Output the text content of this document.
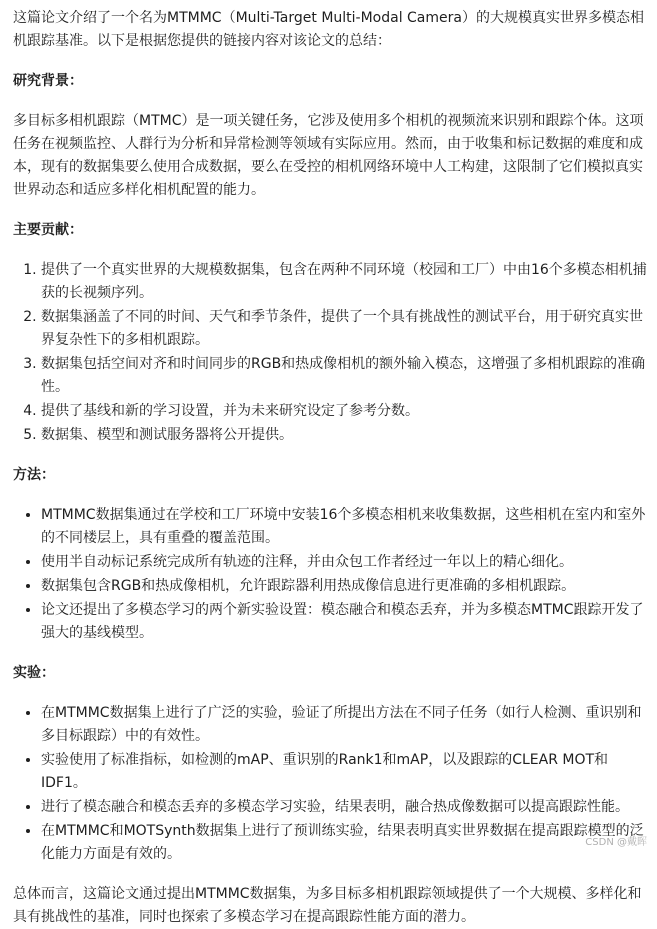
这篇论文介绍了一个名为MTMMC（Multi-Target Multi-Modal Camera）的大规模真实世界多模态相机跟踪基准。以下是根据您提供的链接内容对该论文的总结：

研究背景：

多目标多相机跟踪（MTMC）是一项关键任务，它涉及使用多个相机的视频流来识别和跟踪个体。这项任务在视频监控、人群行为分析和异常检测等领域有实际应用。然而，由于收集和标记数据的难度和成本，现有的数据集要么使用合成数据，要么在受控的相机网络环境中人工构建，这限制了它们模拟真实世界动态和适应多样化相机配置的能力。

主要贡献：

1. 提供了一个真实世界的大规模数据集，包含在两种不同环境（校园和工厂）中由16个多模态相机捕获的长视频序列。
2. 数据集涵盖了不同的时间、天气和季节条件，提供了一个具有挑战性的测试平台，用于研究真实世界复杂性下的多相机跟踪。
3. 数据集包括空间对齐和时间同步的RGB和热成像相机的额外输入模态，这增强了多相机跟踪的准确性。
4. 提供了基线和新的学习设置，并为未来研究设定了参考分数。
5. 数据集、模型和测试服务器将公开提供。

方法：

• MTMMC数据集通过在学校和工厂环境中安装16个多模态相机来收集数据，这些相机在室内和室外的不同楼层上，具有重叠的覆盖范围。
• 使用半自动标记系统完成所有轨迹的注释，并由众包工作者经过一年以上的精心细化。
• 数据集包含RGB和热成像相机，允许跟踪器利用热成像信息进行更准确的多相机跟踪。
• 论文还提出了多模态学习的两个新实验设置：模态融合和模态丢弃，并为多模态MTMC跟踪开发了强大的基线模型。

实验：

• 在MTMMC数据集上进行了广泛的实验，验证了所提出方法在不同子任务（如行人检测、重识别和多目标跟踪）中的有效性。
• 实验使用了标准指标，如检测的mAP、重识别的Rank1和mAP，以及跟踪的CLEAR MOT和IDF1。
• 进行了模态融合和模态丢弃的多模态学习实验，结果表明，融合热成像数据可以提高跟踪性能。
• 在MTMMC和MOTSynth数据集上进行了预训练实验，结果表明真实世界数据在提高跟踪模型的泛化能力方面是有效的。

总体而言，这篇论文通过提出MTMMC数据集，为多目标多相机跟踪领域提供了一个大规模、多样化和具有挑战性的基准，同时也探索了多模态学习在提高跟踪性能方面的潜力。

CSDN @戴晖
